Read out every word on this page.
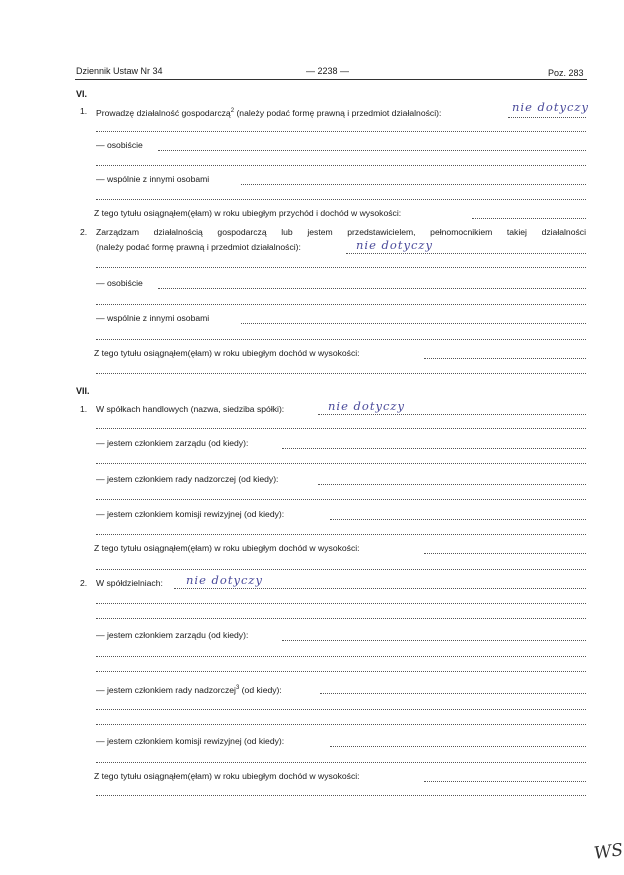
Dziennik Ustaw Nr 34	— 2238 —	Poz. 283
VI.
1. Prowadzę działalność gospodarczą$^2$ (należy podać formę prawną i przedmiot działalności):	nie dotyczy
— osobiście
— wspólnie z innymi osobami
Z tego tytułu osiągnąłem(ęłam) w roku ubiegłym przychód i dochód w wysokości:
2. Zarządzam działalnością gospodarczą lub jestem przedstawicielem, pełnomocnikiem takiej działalności
(należy podać formę prawną i przedmiot działalności):	nie dotyczy
— osobiście
— wspólnie z innymi osobami
Z tego tytułu osiągnąłem(ęłam) w roku ubiegłym dochód w wysokości:
VII.
1. W spółkach handlowych (nazwa, siedziba spółki):	nie dotyczy
— jestem członkiem zarządu (od kiedy):
— jestem członkiem rady nadzorczej (od kiedy):
— jestem członkiem komisji rewizyjnej (od kiedy):
Z tego tytułu osiągnąłem(ęłam) w roku ubiegłym dochód w wysokości:
2. W spółdzielniach: nie dotyczy
— jestem członkiem zarządu (od kiedy):
— jestem członkiem rady nadzorczej$^3$ (od kiedy):
— jestem członkiem komisji rewizyjnej (od kiedy):
Z tego tytułu osiągnąłem(ęłam) w roku ubiegłym dochód w wysokości:
WS
